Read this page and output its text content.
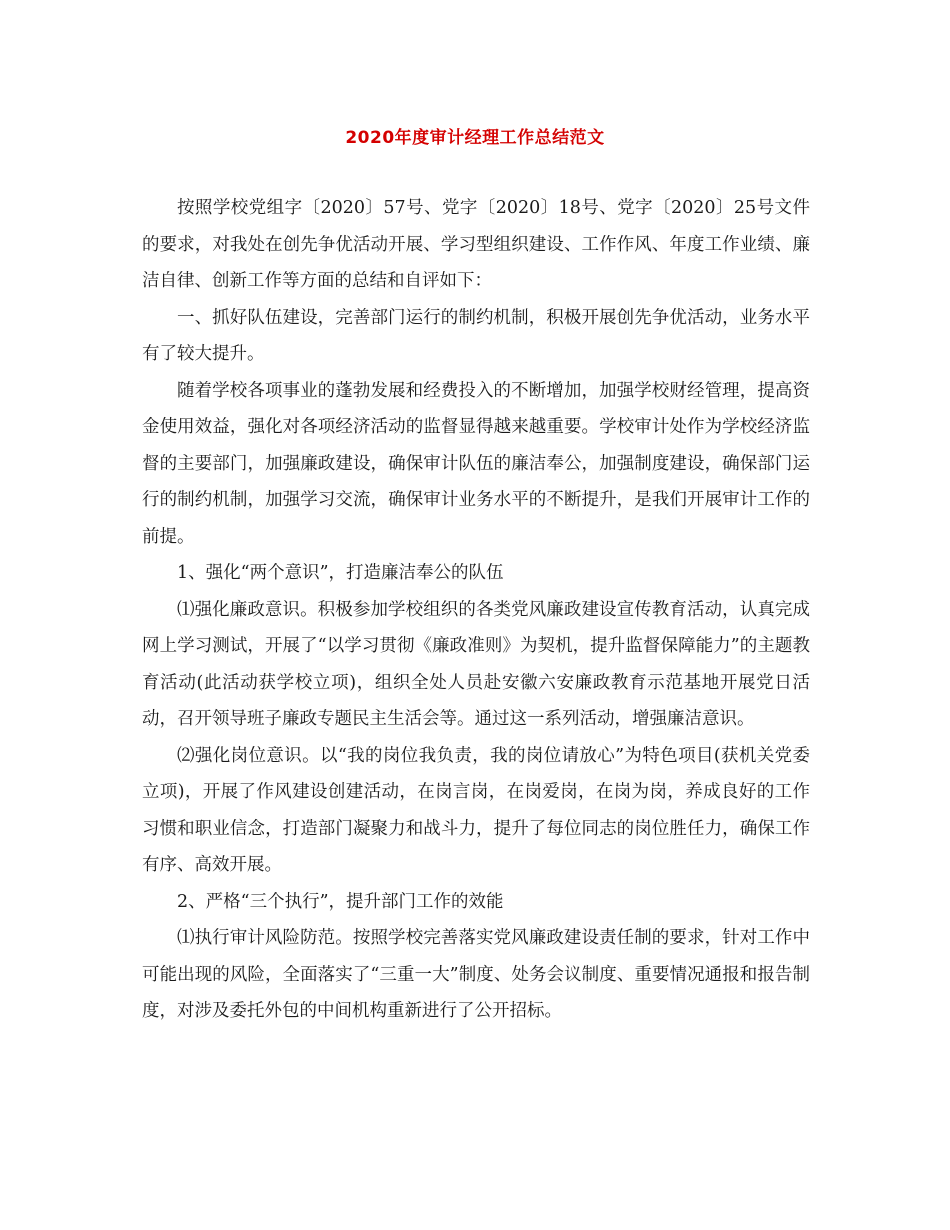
2020年度审计经理工作总结范文

按照学校党组字〔2020〕57号、党字〔2020〕18号、党字〔2020〕25号文件的要求，对我处在创先争优活动开展、学习型组织建设、工作作风、年度工作业绩、廉洁自律、创新工作等方面的总结和自评如下：

一、抓好队伍建设，完善部门运行的制约机制，积极开展创先争优活动，业务水平有了较大提升。

随着学校各项事业的蓬勃发展和经费投入的不断增加，加强学校财经管理，提高资金使用效益，强化对各项经济活动的监督显得越来越重要。学校审计处作为学校经济监督的主要部门，加强廉政建设，确保审计队伍的廉洁奉公，加强制度建设，确保部门运行的制约机制，加强学习交流，确保审计业务水平的不断提升，是我们开展审计工作的前提。

1、强化“两个意识”，打造廉洁奉公的队伍

⑴强化廉政意识。积极参加学校组织的各类党风廉政建设宣传教育活动，认真完成网上学习测试，开展了“以学习贯彻《廉政准则》为契机，提升监督保障能力”的主题教育活动(此活动获学校立项)，组织全处人员赴安徽六安廉政教育示范基地开展党日活动，召开领导班子廉政专题民主生活会等。通过这一系列活动，增强廉洁意识。

⑵强化岗位意识。以“我的岗位我负责，我的岗位请放心”为特色项目(获机关党委立项)，开展了作风建设创建活动，在岗言岗，在岗爱岗，在岗为岗，养成良好的工作习惯和职业信念，打造部门凝聚力和战斗力，提升了每位同志的岗位胜任力，确保工作有序、高效开展。

2、严格“三个执行”，提升部门工作的效能

⑴执行审计风险防范。按照学校完善落实党风廉政建设责任制的要求，针对工作中可能出现的风险，全面落实了“三重一大”制度、处务会议制度、重要情况通报和报告制度，对涉及委托外包的中间机构重新进行了公开招标。
